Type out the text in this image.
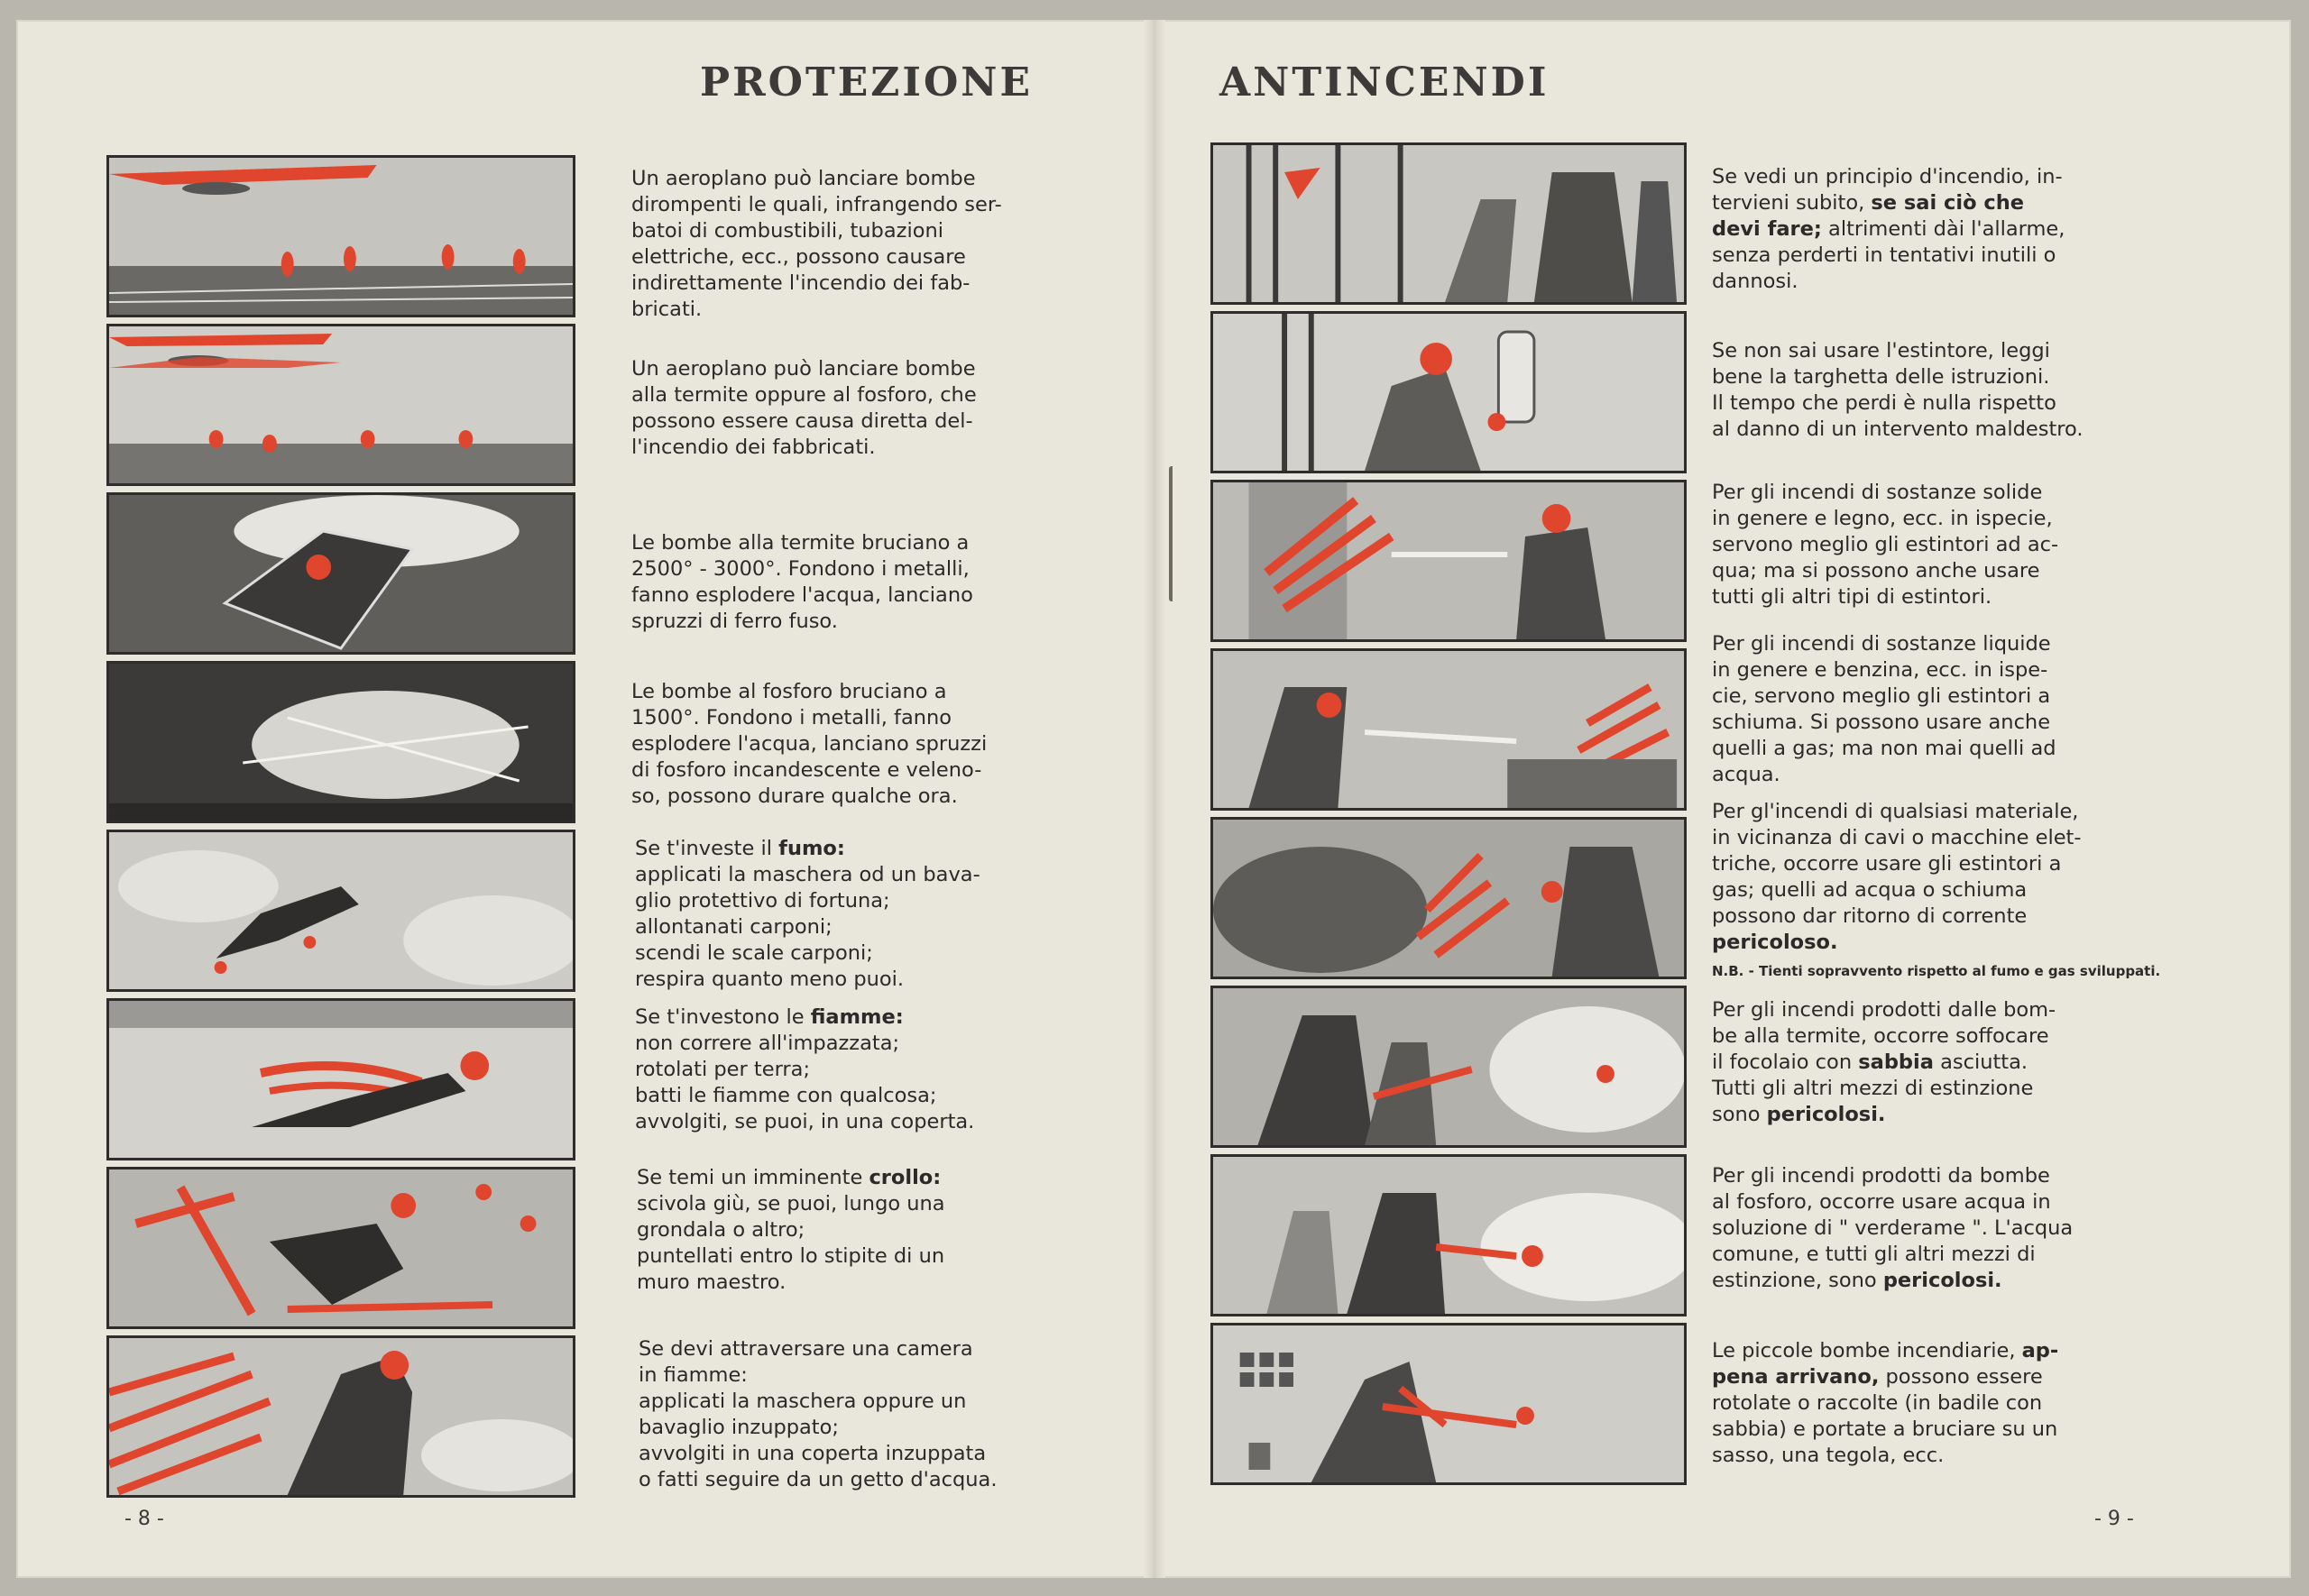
PROTEZIONE

Un aeroplano può lanciare bombe
dirompenti le quali, infrangendo ser-
batoi di combustibili, tubazioni
elettriche, ecc., possono causare
indirettamente l'incendio dei fab-
bricati.

Un aeroplano può lanciare bombe
alla termite oppure al fosforo, che
possono essere causa diretta del-
l'incendio dei fabbricati.

Le bombe alla termite bruciano a
2500° - 3000°. Fondono i metalli,
fanno esplodere l'acqua, lanciano
spruzzi di ferro fuso.

Le bombe al fosforo bruciano a
1500°. Fondono i metalli, fanno
esplodere l'acqua, lanciano spruzzi
di fosforo incandescente e veleno-
so, possono durare qualche ora.

Se t'investe il fumo:
applicati la maschera od un bava-
glio protettivo di fortuna;
allontanati carponi;
scendi le scale carponi;
respira quanto meno puoi.

Se t'investono le fiamme:
non correre all'impazzata;
rotolati per terra;
batti le fiamme con qualcosa;
avvolgiti, se puoi, in una coperta.

Se temi un imminente crollo:
scivola giù, se puoi, lungo una
grondala o altro;
puntellati entro lo stipite di un
muro maestro.

Se devi attraversare una camera
in fiamme:
applicati la maschera oppure un
bavaglio inzuppato;
avvolgiti in una coperta inzuppata
o fatti seguire da un getto d'acqua.

- 8 -
ANTINCENDI

Se vedi un principio d'incendio, in-
tervieni subito, se sai ciò che
devi fare; altrimenti dài l'allarme,
senza perderti in tentativi inutili o
dannosi.

Se non sai usare l'estintore, leggi
bene la targhetta delle istruzioni.
Il tempo che perdi è nulla rispetto
al danno di un intervento maldestro.

Per gli incendi di sostanze solide
in genere e legno, ecc. in ispecie,
servono meglio gli estintori ad ac-
qua; ma si possono anche usare
tutti gli altri tipi di estintori.

Per gli incendi di sostanze liquide
in genere e benzina, ecc. in ispe-
cie, servono meglio gli estintori a
schiuma. Si possono usare anche
quelli a gas; ma non mai quelli ad
acqua.

Per gl'incendi di qualsiasi materiale,
in vicinanza di cavi o macchine elet-
triche, occorre usare gli estintori a
gas; quelli ad acqua o schiuma
possono dar ritorno di corrente
pericoloso.

N.B. - Tienti sopravvento rispetto al fumo e gas sviluppati.

Per gli incendi prodotti dalle bom-
be alla termite, occorre soffocare
il focolaio con sabbia asciutta.
Tutti gli altri mezzi di estinzione
sono pericolosi.

Per gli incendi prodotti da bombe
al fosforo, occorre usare acqua in
soluzione di " verderame ". L'acqua
comune, e tutti gli altri mezzi di
estinzione, sono pericolosi.

Le piccole bombe incendiarie, ap-
pena arrivano, possono essere
rotolate o raccolte (in badile con
sabbia) e portate a bruciare su un
sasso, una tegola, ecc.

- 9 -
